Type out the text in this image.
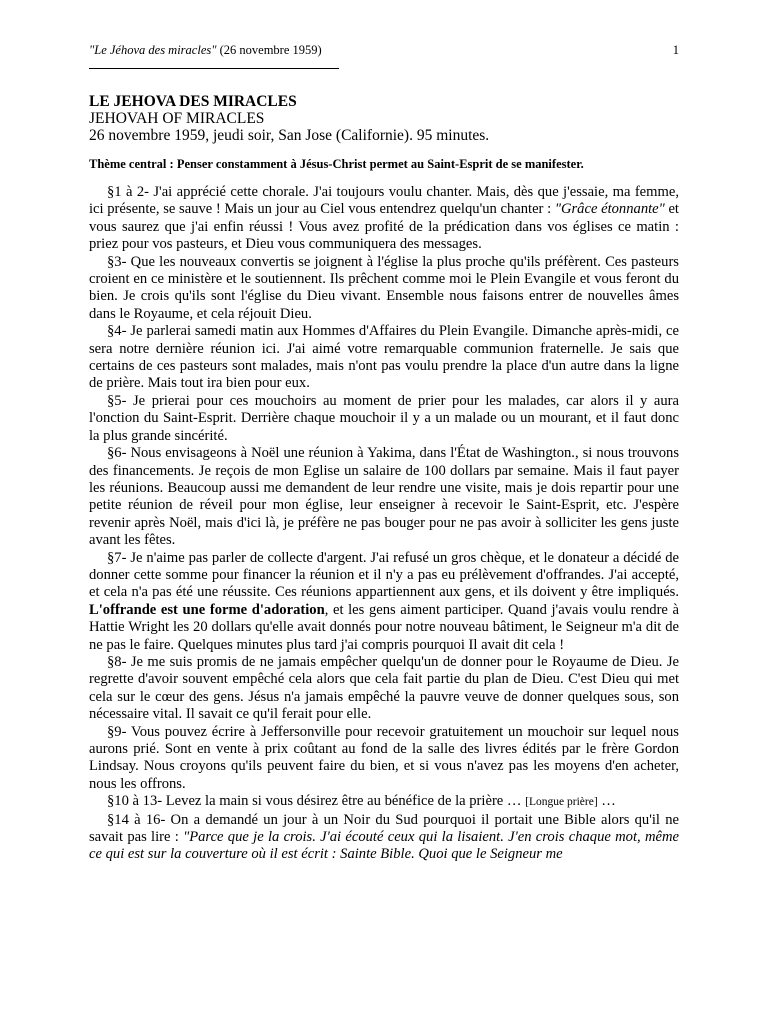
"Le Jéhova des miracles" (26 novembre 1959)	1
LE JEHOVA DES MIRACLES
JEHOVAH OF MIRACLES
26 novembre 1959, jeudi soir, San Jose (Californie). 95 minutes.
Thème central : Penser constamment à Jésus-Christ permet au Saint-Esprit de se manifester.

§1 à 2- J'ai apprécié cette chorale. J'ai toujours voulu chanter. Mais, dès que j'essaie, ma femme, ici présente, se sauve ! Mais un jour au Ciel vous entendrez quelqu'un chanter : "Grâce étonnante" et vous saurez que j'ai enfin réussi ! Vous avez profité de la prédication dans vos églises ce matin : priez pour vos pasteurs, et Dieu vous communiquera des messages.

§3- Que les nouveaux convertis se joignent à l'église la plus proche qu'ils préfèrent. Ces pasteurs croient en ce ministère et le soutiennent. Ils prêchent comme moi le Plein Evangile et vous feront du bien. Je crois qu'ils sont l'église du Dieu vivant. Ensemble nous faisons entrer de nouvelles âmes dans le Royaume, et cela réjouit Dieu.

§4- Je parlerai samedi matin aux Hommes d'Affaires du Plein Evangile. Dimanche après-midi, ce sera notre dernière réunion ici. J'ai aimé votre remarquable communion fraternelle. Je sais que certains de ces pasteurs sont malades, mais n'ont pas voulu prendre la place d'un autre dans la ligne de prière. Mais tout ira bien pour eux.

§5- Je prierai pour ces mouchoirs au moment de prier pour les malades, car alors il y aura l'onction du Saint-Esprit. Derrière chaque mouchoir il y a un malade ou un mourant, et il faut donc la plus grande sincérité.

§6- Nous envisageons à Noël une réunion à Yakima, dans l'État de Washington., si nous trouvons des financements. Je reçois de mon Eglise un salaire de 100 dollars par semaine. Mais il faut payer les réunions. Beaucoup aussi me demandent de leur rendre une visite, mais je dois repartir pour une petite réunion de réveil pour mon église, leur enseigner à recevoir le Saint-Esprit, etc. J'espère revenir après Noël, mais d'ici là, je préfère ne pas bouger pour ne pas avoir à solliciter les gens juste avant les fêtes.

§7- Je n'aime pas parler de collecte d'argent. J'ai refusé un gros chèque, et le donateur a décidé de donner cette somme pour financer la réunion et il n'y a pas eu prélèvement d'offrandes. J'ai accepté, et cela n'a pas été une réussite. Ces réunions appartiennent aux gens, et ils doivent y être impliqués. L'offrande est une forme d'adoration, et les gens aiment participer. Quand j'avais voulu rendre à Hattie Wright les 20 dollars qu'elle avait donnés pour notre nouveau bâtiment, le Seigneur m'a dit de ne pas le faire. Quelques minutes plus tard j'ai compris pourquoi Il avait dit cela !

§8- Je me suis promis de ne jamais empêcher quelqu'un de donner pour le Royaume de Dieu. Je regrette d'avoir souvent empêché cela alors que cela fait partie du plan de Dieu. C'est Dieu qui met cela sur le cœur des gens. Jésus n'a jamais empêché la pauvre veuve de donner quelques sous, son nécessaire vital. Il savait ce qu'il ferait pour elle.

§9- Vous pouvez écrire à Jeffersonville pour recevoir gratuitement un mouchoir sur lequel nous aurons prié. Sont en vente à prix coûtant au fond de la salle des livres édités par le frère Gordon Lindsay. Nous croyons qu'ils peuvent faire du bien, et si vous n'avez pas les moyens d'en acheter, nous les offrons.

§10 à 13- Levez la main si vous désirez être au bénéfice de la prière … [Longue prière] …

§14 à 16- On a demandé un jour à un Noir du Sud pourquoi il portait une Bible alors qu'il ne savait pas lire : "Parce que je la crois. J'ai écouté ceux qui la lisaient. J'en crois chaque mot, même ce qui est sur la couverture où il est écrit : Sainte Bible. Quoi que le Seigneur me
